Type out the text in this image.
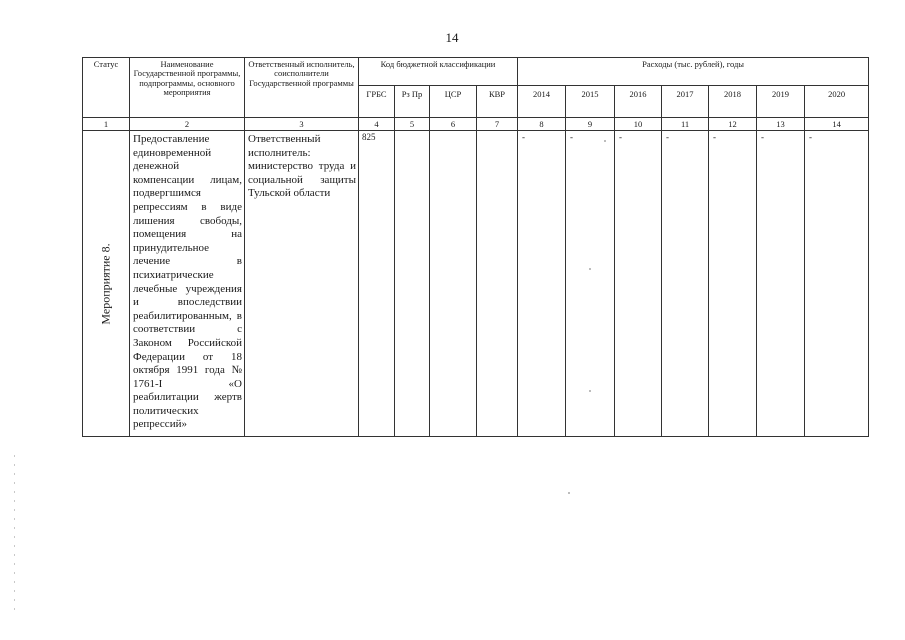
14
Статус	Наименование Государственной программы, подпрограммы, основного мероприятия	Ответственный исполнитель, соисполнители Государственной программы	Код бюджетной классификации				Расходы (тыс. рублей), годы						
			ГРБС	Рз Пр	ЦСР	КВР	2014	2015	2016	2017	2018	2019	2020
1	2	3	4	5	6	7	8	9	10	11	12	13	14

Мероприятие 8.	Предоставление единовременной денежной компенсации лицам, подвергшимся репрессиям в виде лишения свободы, помещения на принудительное лечение в психиатрические лечебные учреждения и впоследствии реабилитированным, в соответствии с Законом Российской Федерации от 18 октября 1991 года № 1761-I «О реабилитации жертв политических репрессий»	Ответственный исполнитель: министерство труда и социальной защиты Тульской области	825				-	-	-	-	-	-	-
